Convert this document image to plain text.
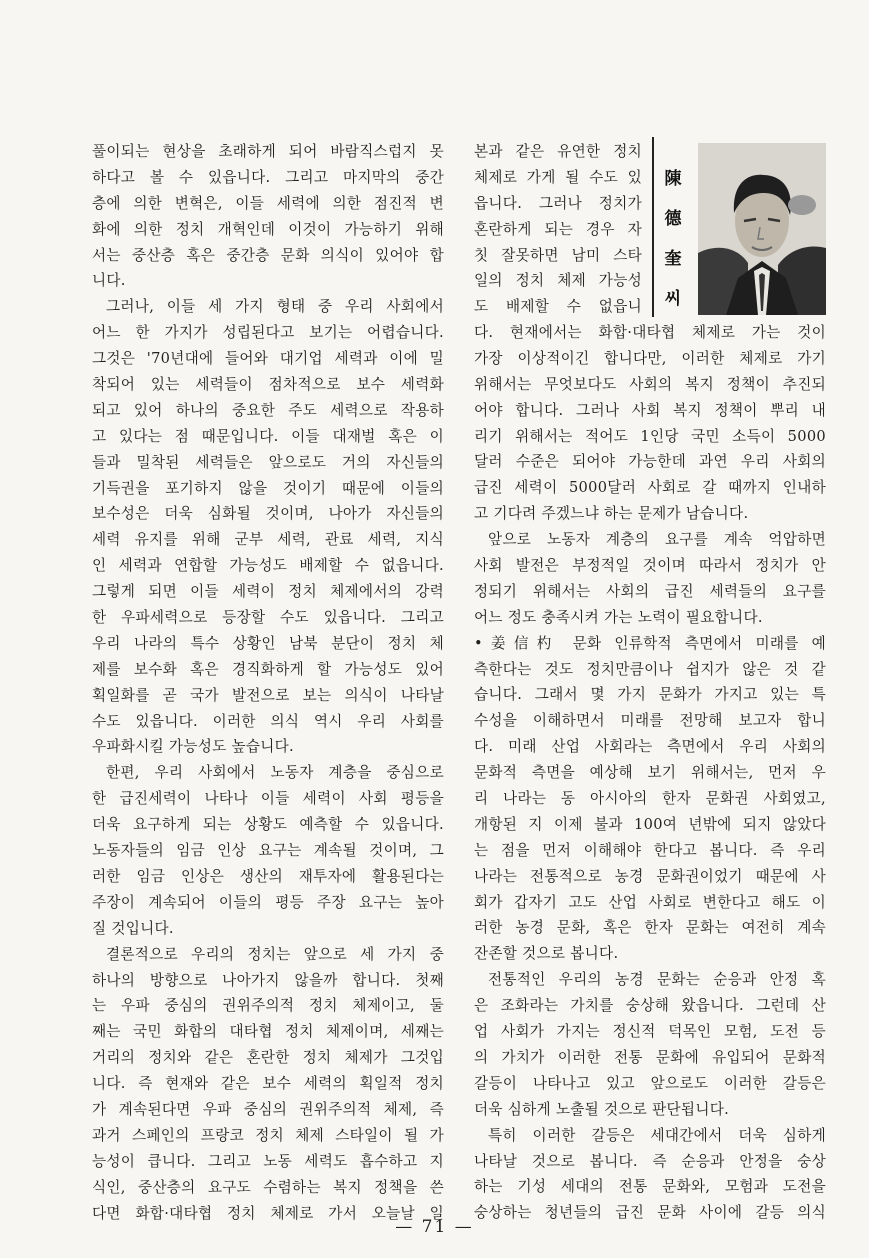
풀이되는 현상을 초래하게 되어 바람직스럽지 못
하다고 볼 수 있읍니다. 그리고 마지막의 중간
층에 의한 변혁은, 이들 세력에 의한 점진적 변
화에 의한 정치 개혁인데 이것이 가능하기 위해
서는 중산층 혹은 중간층 문화 의식이 있어야 합
니다.
그러나, 이들 세 가지 형태 중 우리 사회에서
어느 한 가지가 성립된다고 보기는 어렵습니다.
그것은 '70년대에 들어와 대기업 세력과 이에 밀
착되어 있는 세력들이 점차적으로 보수 세력화
되고 있어 하나의 중요한 주도 세력으로 작용하
고 있다는 점 때문입니다. 이들 대재벌 혹은 이
들과 밀착된 세력들은 앞으로도 거의 자신들의
기득권을 포기하지 않을 것이기 때문에 이들의
보수성은 더욱 심화될 것이며, 나아가 자신들의
세력 유지를 위해 군부 세력, 관료 세력, 지식
인 세력과 연합할 가능성도 배제할 수 없읍니다.
그렇게 되면 이들 세력이 정치 체제에서의 강력
한 우파세력으로 등장할 수도 있읍니다. 그리고
우리 나라의 특수 상황인 남북 분단이 정치 체
제를 보수화 혹은 경직화하게 할 가능성도 있어
획일화를 곧 국가 발전으로 보는 의식이 나타날
수도 있읍니다. 이러한 의식 역시 우리 사회를
우파화시킬 가능성도 높습니다.
한편, 우리 사회에서 노동자 계층을 중심으로
한 급진세력이 나타나 이들 세력이 사회 평등을
더욱 요구하게 되는 상황도 예측할 수 있읍니다.
노동자들의 임금 인상 요구는 계속될 것이며, 그
러한 임금 인상은 생산의 재투자에 활용된다는
주장이 계속되어 이들의 평등 주장 요구는 높아
질 것입니다.
결론적으로 우리의 정치는 앞으로 세 가지 중
하나의 방향으로 나아가지 않을까 합니다. 첫째
는 우파 중심의 권위주의적 정치 체제이고, 둘
째는 국민 화합의 대타협 정치 체제이며, 세째는
거리의 정치와 같은 혼란한 정치 체제가 그것입
니다. 즉 현재와 같은 보수 세력의 획일적 정치
가 계속된다면 우파 중심의 권위주의적 체제, 즉
과거 스페인의 프랑코 정치 체제 스타일이 될 가
능성이 큽니다. 그리고 노동 세력도 흡수하고 지
식인, 중산층의 요구도 수렴하는 복지 정책을 쓴
다면 화합·대타협 정치 체제로 가서 오늘날 일
본과 같은 유연한 정치
체제로 가게 될 수도 있
읍니다. 그러나 정치가
혼란하게 되는 경우 자
칫 잘못하면 남미 스타
일의 정치 체제 가능성
도 배제할 수 없읍니
陳
德
奎
씨
다. 현재에서는 화합·대타협 체제로 가는 것이
가장 이상적이긴 합니다만, 이러한 체제로 가기
위해서는 무엇보다도 사회의 복지 정책이 추진되
어야 합니다. 그러나 사회 복지 정책이 뿌리 내
리기 위해서는 적어도 1인당 국민 소득이 5000
달러 수준은 되어야 가능한데 과연 우리 사회의
급진 세력이 5000달러 사회로 갈 때까지 인내하
고 기다려 주겠느냐 하는 문제가 남습니다.
앞으로 노동자 계층의 요구를 계속 억압하면
사회 발전은 부정적일 것이며 따라서 정치가 안
정되기 위해서는 사회의 급진 세력들의 요구를
어느 정도 충족시켜 가는 노력이 필요합니다.
•姜信杓 문화 인류학적 측면에서 미래를 예
측한다는 것도 정치만큼이나 쉽지가 않은 것 같
습니다. 그래서 몇 가지 문화가 가지고 있는 특
수성을 이해하면서 미래를 전망해 보고자 합니
다. 미래 산업 사회라는 측면에서 우리 사회의
문화적 측면을 예상해 보기 위해서는, 먼저 우
리 나라는 동 아시아의 한자 문화권 사회였고,
개항된 지 이제 불과 100여 년밖에 되지 않았다
는 점을 먼저 이해해야 한다고 봅니다. 즉 우리
나라는 전통적으로 농경 문화권이었기 때문에 사
회가 갑자기 고도 산업 사회로 변한다고 해도 이
러한 농경 문화, 혹은 한자 문화는 여전히 계속
잔존할 것으로 봅니다.
전통적인 우리의 농경 문화는 순응과 안정 혹
은 조화라는 가치를 숭상해 왔읍니다. 그런데 산
업 사회가 가지는 정신적 덕목인 모험, 도전 등
의 가치가 이러한 전통 문화에 유입되어 문화적
갈등이 나타나고 있고 앞으로도 이러한 갈등은
더욱 심하게 노출될 것으로 판단됩니다.
특히 이러한 갈등은 세대간에서 더욱 심하게
나타날 것으로 봅니다. 즉 순응과 안정을 숭상
하는 기성 세대의 전통 문화와, 모험과 도전을
숭상하는 청년들의 급진 문화 사이에 갈등 의식
— 71 —
